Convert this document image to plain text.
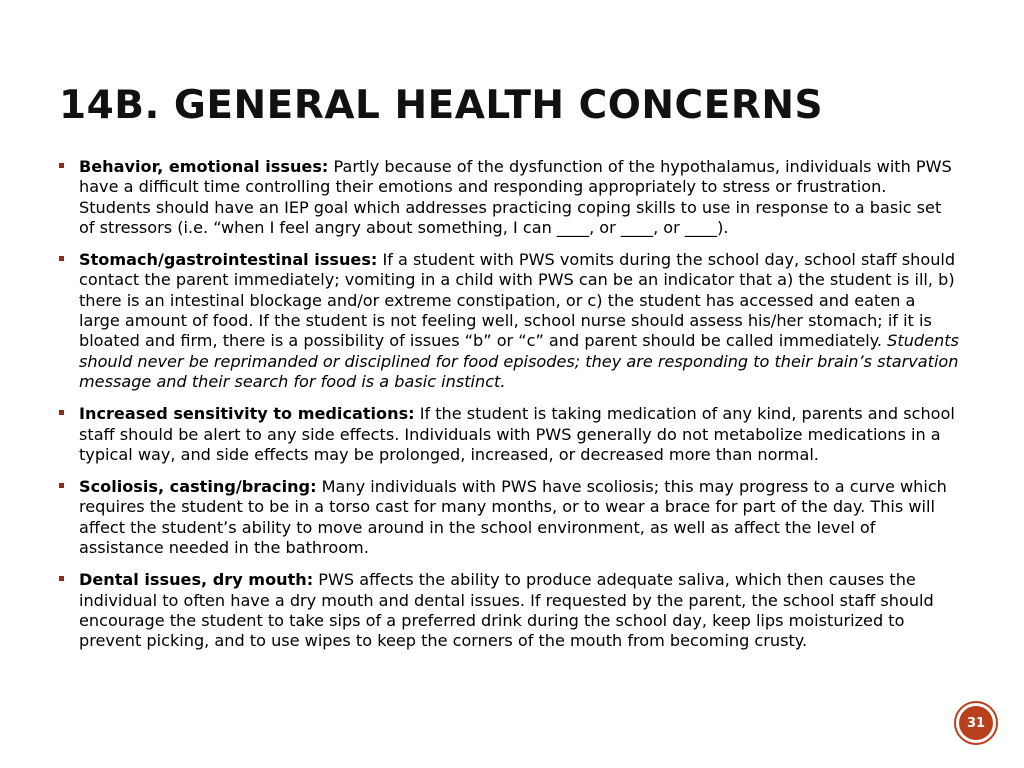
14B. GENERAL HEALTH CONCERNS
Behavior, emotional issues: Partly because of the dysfunction of the hypothalamus, individuals with PWS have a difficult time controlling their emotions and responding appropriately to stress or frustration. Students should have an IEP goal which addresses practicing coping skills to use in response to a basic set of stressors (i.e. “when I feel angry about something, I can ____, or ____, or ____).
Stomach/gastrointestinal issues: If a student with PWS vomits during the school day, school staff should contact the parent immediately; vomiting in a child with PWS can be an indicator that a) the student is ill, b) there is an intestinal blockage and/or extreme constipation, or c) the student has accessed and eaten a large amount of food. If the student is not feeling well, school nurse should assess his/her stomach; if it is bloated and firm, there is a possibility of issues “b” or “c” and parent should be called immediately. Students should never be reprimanded or disciplined for food episodes; they are responding to their brain’s starvation message and their search for food is a basic instinct.
Increased sensitivity to medications: If the student is taking medication of any kind, parents and school staff should be alert to any side effects. Individuals with PWS generally do not metabolize medications in a typical way, and side effects may be prolonged, increased, or decreased more than normal.
Scoliosis, casting/bracing: Many individuals with PWS have scoliosis; this may progress to a curve which requires the student to be in a torso cast for many months, or to wear a brace for part of the day. This will affect the student’s ability to move around in the school environment, as well as affect the level of assistance needed in the bathroom.
Dental issues, dry mouth: PWS affects the ability to produce adequate saliva, which then causes the individual to often have a dry mouth and dental issues. If requested by the parent, the school staff should encourage the student to take sips of a preferred drink during the school day, keep lips moisturized to prevent picking, and to use wipes to keep the corners of the mouth from becoming crusty.
31
